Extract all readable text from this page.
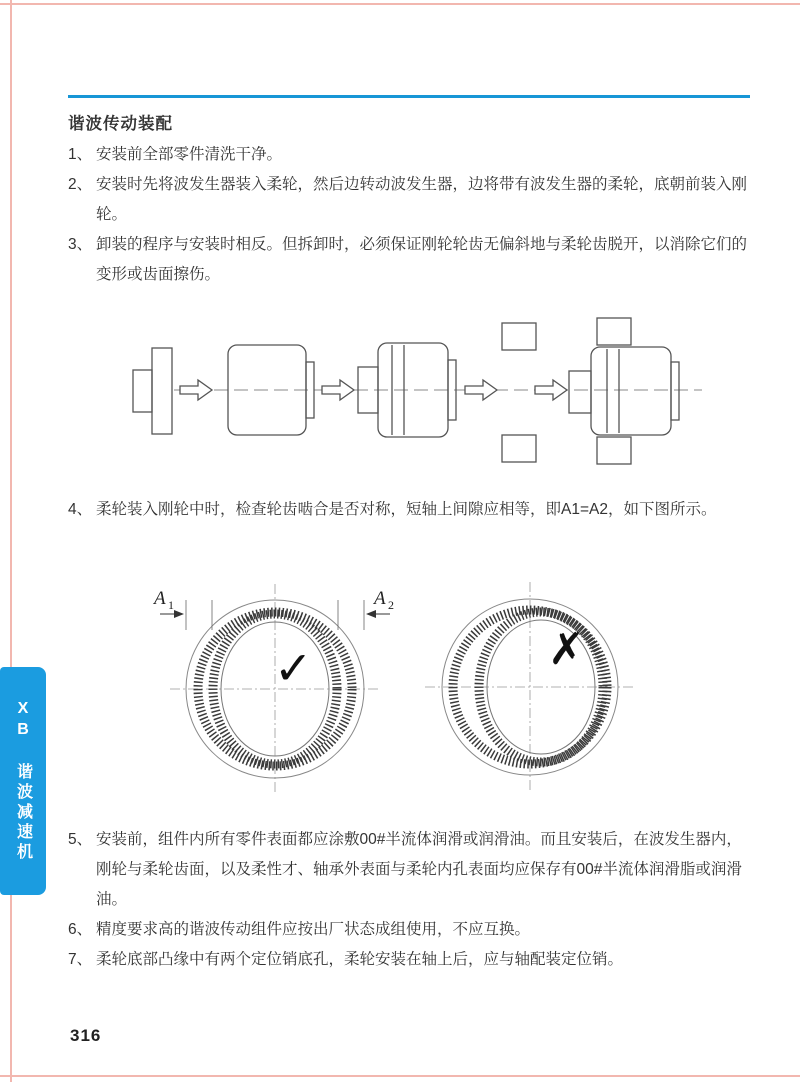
谐波传动装配
1、 安装前全部零件清洗干净。
2、 安装时先将波发生器装入柔轮，然后边转动波发生器，边将带有波发生器的柔轮，底朝前装入刚轮。
3、 卸装的程序与安装时相反。但拆卸时，必须保证刚轮轮齿无偏斜地与柔轮齿脱开，以消除它们的变形或齿面擦伤。
4、 柔轮装入刚轮中时，检查轮齿啮合是否对称，短轴上间隙应相等，即A1=A2，如下图所示。
A 1	A 2
✓	✗
5、 安装前，组件内所有零件表面都应涂敷00#半流体润滑或润滑油。而且安装后，在波发生器内，刚轮与柔轮齿面，以及柔性才、轴承外表面与柔轮内孔表面均应保存有00#半流体润滑脂或润滑油。
6、 精度要求高的谐波传动组件应按出厂状态成组使用，不应互换。
7、 柔轮底部凸缘中有两个定位销底孔，柔轮安装在轴上后，应与轴配装定位销。
XB 谐波减速机
316
